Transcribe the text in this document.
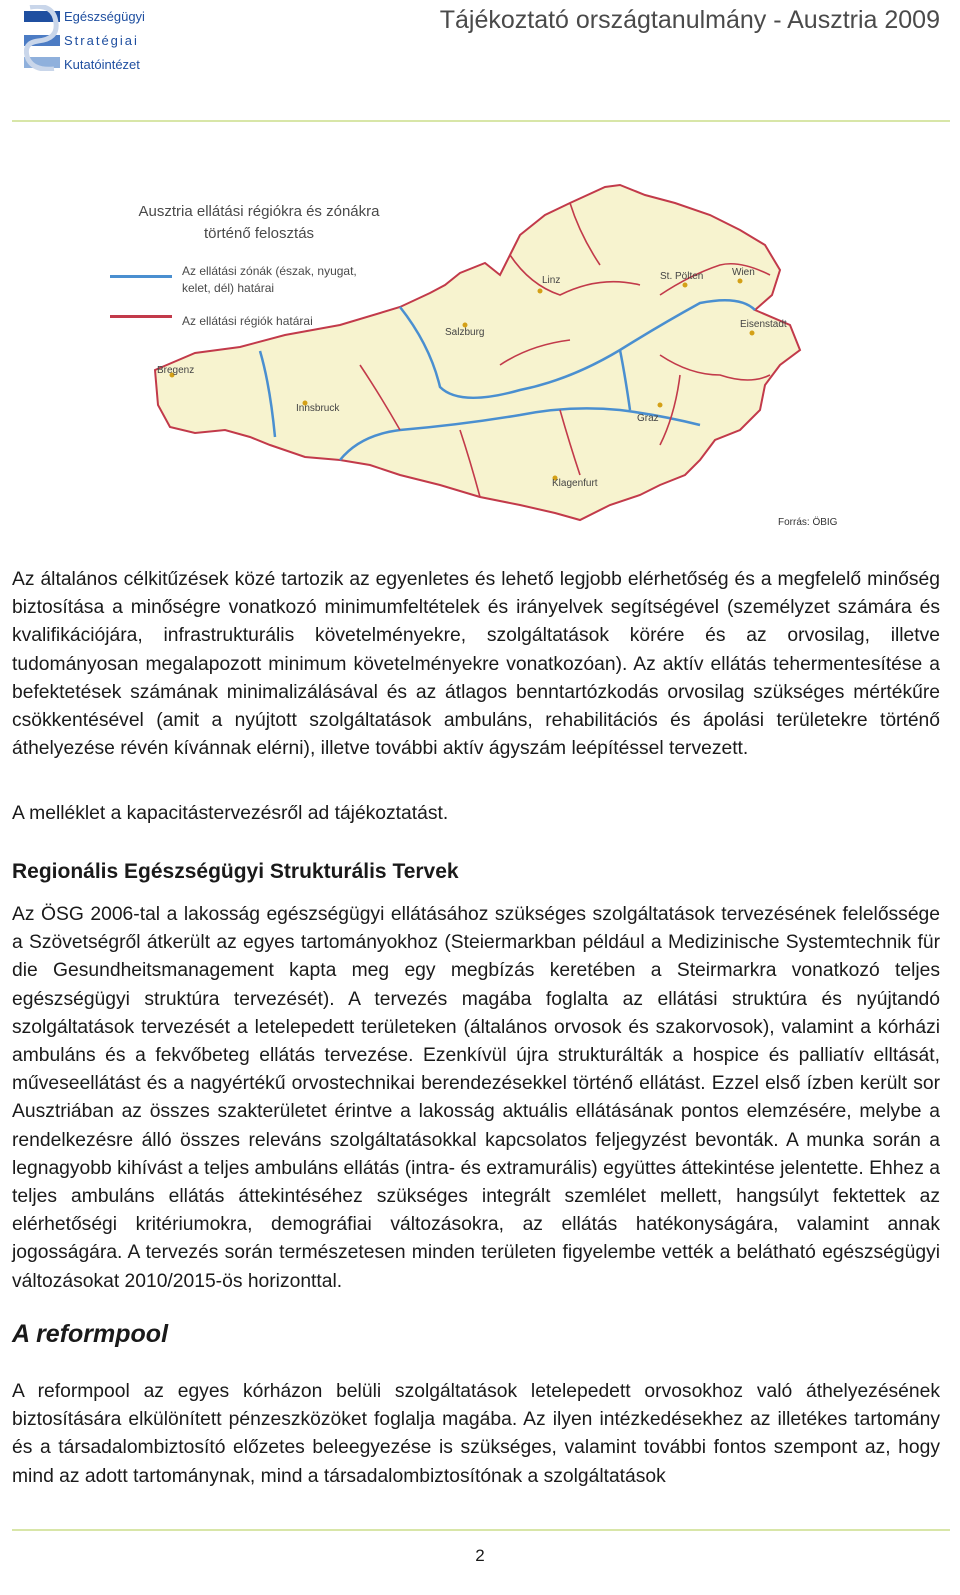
Egészségügyi
Stratégiai
Kutatóintézet
Tájékoztató országtanulmány - Ausztria 2009
Ausztria ellátási régiókra és zónákra történő felosztás
Az ellátási zónák (észak, nyugat, kelet, dél) határai
Az ellátási régiók határai
Linz	St. Pölten	Wien
Salzburg
Eisenstadt
Bregenz
Innsbruck
Graz
Klagenfurt
Forrás: ÖBIG

Az általános célkitűzések közé tartozik az egyenletes és lehető legjobb elérhetőség és a megfelelő minőség biztosítása a minőségre vonatkozó minimumfeltételek és irányelvek segítségével (személyzet számára és kvalifikációjára, infrastrukturális követelményekre, szolgáltatások körére és az orvosilag, illetve tudományosan megalapozott minimum követelményekre vonatkozóan). Az aktív ellátás tehermentesítése a befektetések számának minimalizálásával és az átlagos benntartózkodás orvosilag szükséges mértékűre csökkentésével (amit a nyújtott szolgáltatások ambuláns, rehabilitációs és ápolási területekre történő áthelyezése révén kívánnak elérni), illetve további aktív ágyszám leépítéssel tervezett.

A melléklet a kapacitástervezésről ad tájékoztatást.

Regionális Egészségügyi Strukturális Tervek

Az ÖSG 2006-tal a lakosság egészségügyi ellátásához szükséges szolgáltatások tervezésének felelőssége a Szövetségről átkerült az egyes tartományokhoz (Steiermarkban például a Medizinische Systemtechnik für die Gesundheitsmanagement kapta meg egy megbízás keretében a Steirmarkra vonatkozó teljes egészségügyi struktúra tervezését). A tervezés magába foglalta az ellátási struktúra és nyújtandó szolgáltatások tervezését a letelepedett területeken (általános orvosok és szakorvosok), valamint a kórházi ambuláns és a fekvőbeteg ellátás tervezése. Ezenkívül újra strukturálták a hospice és palliatív elltását, műveseellátást és a nagyértékű orvostechnikai berendezésekkel történő ellátást. Ezzel első ízben került sor Ausztriában az összes szakterületet érintve a lakosság aktuális ellátásának pontos elemzésére, melybe a rendelkezésre álló összes releváns szolgáltatásokkal kapcsolatos feljegyzést bevonták. A munka során a legnagyobb kihívást a teljes ambuláns ellátás (intra- és extramurális) együttes áttekintése jelentette. Ehhez a teljes ambuláns ellátás áttekintéséhez szükséges integrált szemlélet mellett, hangsúlyt fektettek az elérhetőségi kritériumokra, demográfiai változásokra, az ellátás hatékonyságára, valamint annak jogosságára. A tervezés során természetesen minden területen figyelembe vették a belátható egészségügyi változásokat 2010/2015-ös horizonttal.

A reformpool

A reformpool az egyes kórházon belüli szolgáltatások letelepedett orvosokhoz való áthelyezésének biztosítására elkülönített pénzeszközöket foglalja magába. Az ilyen intézkedésekhez az illetékes tartomány és a társadalombiztosító előzetes beleegyezése is szükséges, valamint további fontos szempont az, hogy mind az adott tartománynak, mind a társadalombiztosítónak a szolgáltatások

2
